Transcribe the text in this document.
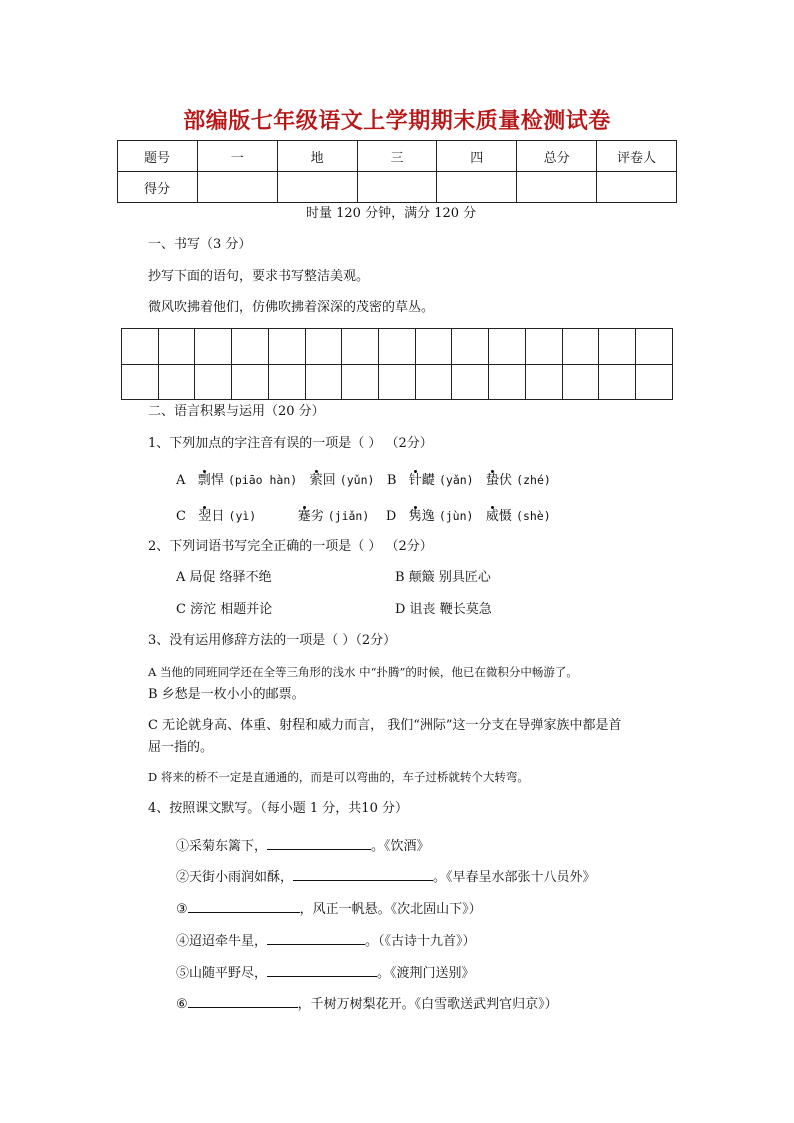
部编版七年级语文上学期期末质量检测试卷
题号	一	地	三	四	总分	评卷人
得分						
时量 120 分钟，满分 120 分
一、书写（3 分）
抄写下面的语句，要求书写整洁美观。
微风吹拂着他们，仿佛吹拂着深深的茂密的草丛。

二、语言积累与运用（20 分）
1、下列加点的字注音有误的一项是（ ） （2分）
A 剽悍 (piāo hàn) 萦回 (yǔn) B 针齼 (yǎn) 蛰伏 (zhé)
C 翌日 (yì)	蹇劣 (jiǎn) D 隽逸 (jùn) 威慑 (shè)
2、下列词语书写完全正确的一项是（ ） （2分）
A 局促 络驿不绝	B 颠簸 别具匠心
C 滂沱 相题并论	D 诅丧 鞭长莫急
3、没有运用修辞方法的一项是（ ）（2分）
A 当他的同班同学还在全等三角形的浅水 中“扑腾”的时候，他已在微积分中畅游了。
B 乡愁是一枚小小的邮票。
C 无论就身高、体重、射程和威力而言， 我们“洲际”这一分支在导弹家族中都是首
屈一指的。
D 将来的桥不一定是直通通的，而是可以弯曲的，车子过桥就转个大转弯。
4、按照课文默写。（每小题 1 分，共10 分）
①采菊东篱下，	。《饮酒》
②天街小雨润如酥，	。《早春呈水部张十八员外》
③	，风正一帆悬。《次北固山下》）
④迢迢牵牛星，	。（《古诗十九首》）
⑤山随平野尽，	。《渡荆门送别》
⑥	，千树万树梨花开。《白雪歌送武判官归京》）
